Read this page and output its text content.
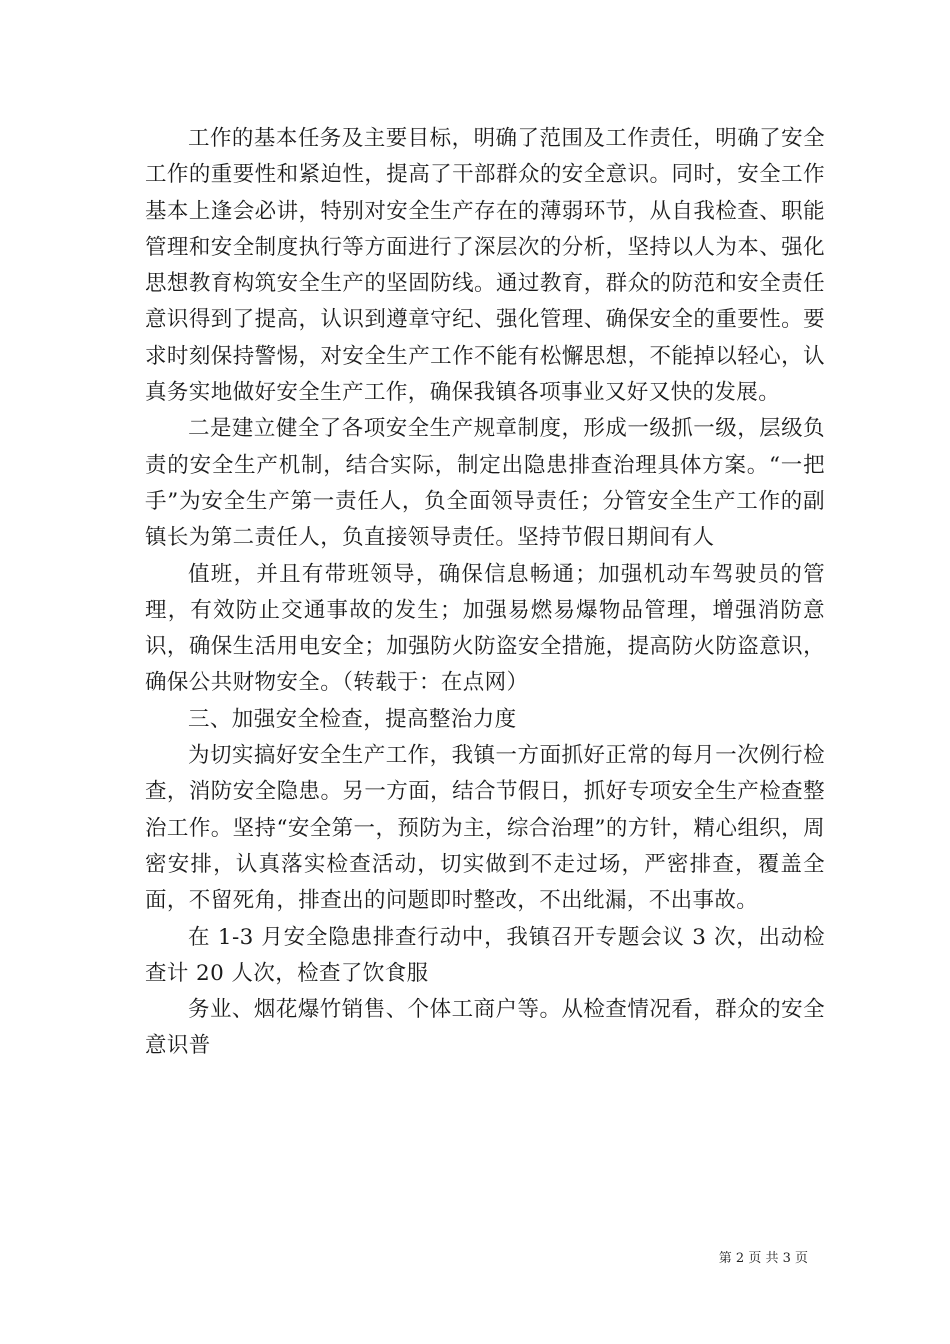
工作的基本任务及主要目标，明确了范围及工作责任，明确了安全工作的重要性和紧迫性，提高了干部群众的安全意识。同时，安全工作基本上逢会必讲，特别对安全生产存在的薄弱环节，从自我检查、职能管理和安全制度执行等方面进行了深层次的分析，坚持以人为本、强化思想教育构筑安全生产的坚固防线。通过教育，群众的防范和安全责任意识得到了提高，认识到遵章守纪、强化管理、确保安全的重要性。要求时刻保持警惕，对安全生产工作不能有松懈思想，不能掉以轻心，认真务实地做好安全生产工作，确保我镇各项事业又好又快的发展。

二是建立健全了各项安全生产规章制度，形成一级抓一级，层级负责的安全生产机制，结合实际，制定出隐患排查治理具体方案。“一把手”为安全生产第一责任人，负全面领导责任；分管安全生产工作的副镇长为第二责任人，负直接领导责任。坚持节假日期间有人

值班，并且有带班领导，确保信息畅通；加强机动车驾驶员的管理，有效防止交通事故的发生；加强易燃易爆物品管理，增强消防意识，确保生活用电安全；加强防火防盗安全措施，提高防火防盗意识，确保公共财物安全。（转载于：在点网）

三、加强安全检查，提高整治力度

为切实搞好安全生产工作，我镇一方面抓好正常的每月一次例行检查，消防安全隐患。另一方面，结合节假日，抓好专项安全生产检查整治工作。坚持“安全第一，预防为主，综合治理”的方针，精心组织，周密安排，认真落实检查活动，切实做到不走过场，严密排查，覆盖全面，不留死角，排查出的问题即时整改，不出纰漏，不出事故。

在 1-3 月安全隐患排查行动中，我镇召开专题会议 3 次，出动检查计 20 人次，检查了饮食服

务业、烟花爆竹销售、个体工商户等。从检查情况看，群众的安全意识普

第 2 页 共 3 页
